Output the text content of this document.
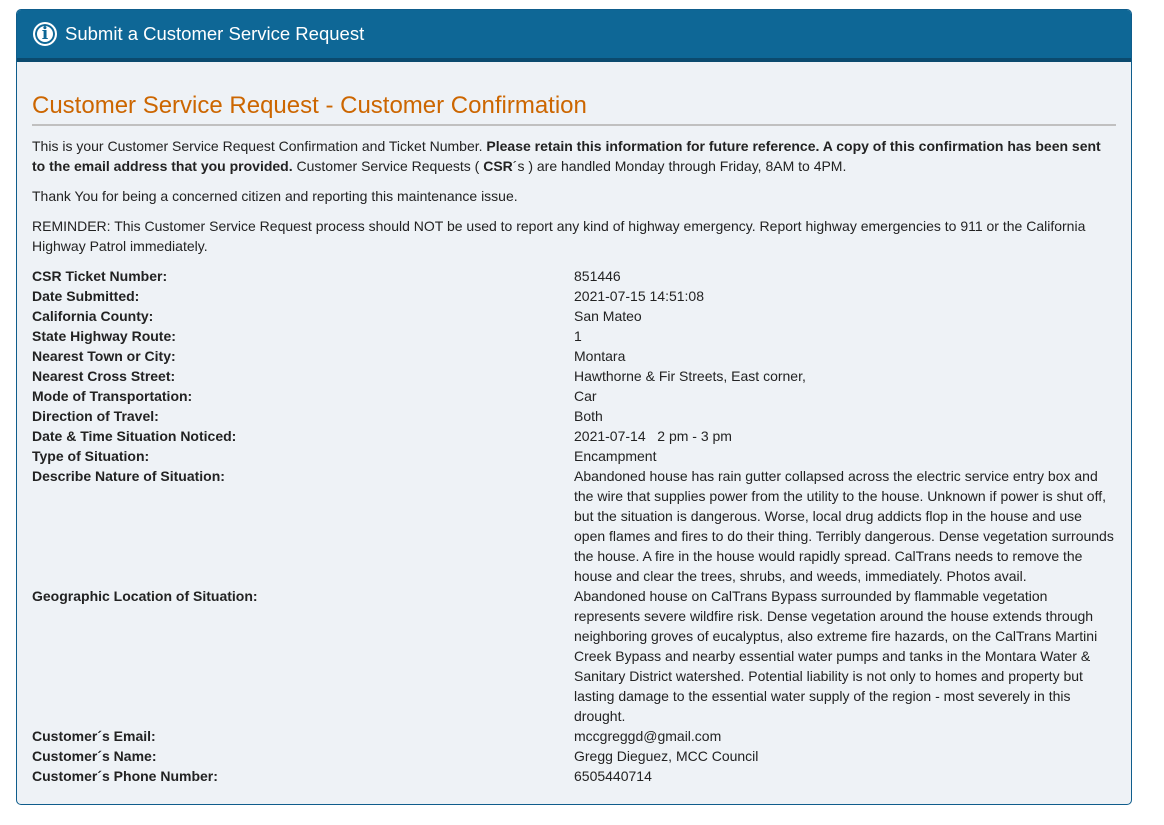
i Submit a Customer Service Request
Customer Service Request - Customer Confirmation

This is your Customer Service Request Confirmation and Ticket Number. Please retain this information for future reference. A copy of this confirmation has been sent to the email address that you provided. Customer Service Requests ( CSR´s ) are handled Monday through Friday, 8AM to 4PM.

Thank You for being a concerned citizen and reporting this maintenance issue.

REMINDER: This Customer Service Request process should NOT be used to report any kind of highway emergency. Report highway emergencies to 911 or the California Highway Patrol immediately.

CSR Ticket Number:	851446
Date Submitted:	2021-07-15 14:51:08
California County:	San Mateo
State Highway Route:	1
Nearest Town or City:	Montara
Nearest Cross Street:	Hawthorne & Fir Streets, East corner,
Mode of Transportation:	Car
Direction of Travel:	Both
Date & Time Situation Noticed:	2021-07-14   2 pm - 3 pm
Type of Situation:	Encampment
Describe Nature of Situation:	Abandoned house has rain gutter collapsed across the electric service entry box and the wire that supplies power from the utility to the house. Unknown if power is shut off, but the situation is dangerous. Worse, local drug addicts flop in the house and use open flames and fires to do their thing. Terribly dangerous. Dense vegetation surrounds the house. A fire in the house would rapidly spread. CalTrans needs to remove the house and clear the trees, shrubs, and weeds, immediately. Photos avail.
Geographic Location of Situation:	Abandoned house on CalTrans Bypass surrounded by flammable vegetation represents severe wildfire risk. Dense vegetation around the house extends through neighboring groves of eucalyptus, also extreme fire hazards, on the CalTrans Martini Creek Bypass and nearby essential water pumps and tanks in the Montara Water & Sanitary District watershed. Potential liability is not only to homes and property but lasting damage to the essential water supply of the region - most severely in this drought.
Customer´s Email:	mccgreggd@gmail.com
Customer´s Name:	Gregg Dieguez, MCC Council
Customer´s Phone Number:	6505440714
